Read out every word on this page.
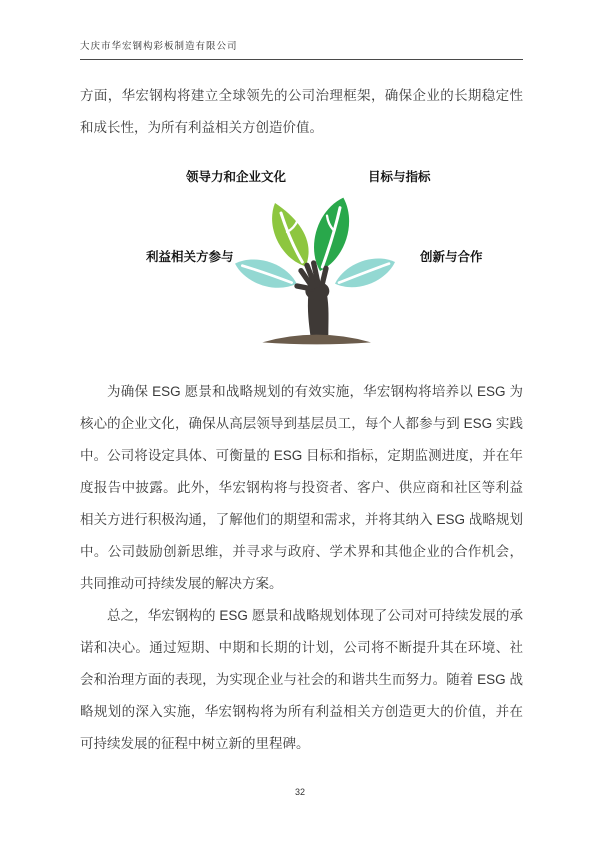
大庆市华宏钢构彩板制造有限公司

方面，华宏钢构将建立全球领先的公司治理框架，确保企业的长期稳定性和成长性，为所有利益相关方创造价值。

领导力和企业文化	目标与指标
利益相关方参与	创新与合作

为确保 ESG 愿景和战略规划的有效实施，华宏钢构将培养以 ESG 为核心的企业文化，确保从高层领导到基层员工，每个人都参与到 ESG 实践中。公司将设定具体、可衡量的 ESG 目标和指标，定期监测进度，并在年度报告中披露。此外，华宏钢构将与投资者、客户、供应商和社区等利益相关方进行积极沟通，了解他们的期望和需求，并将其纳入 ESG 战略规划中。公司鼓励创新思维，并寻求与政府、学术界和其他企业的合作机会，共同推动可持续发展的解决方案。

总之，华宏钢构的 ESG 愿景和战略规划体现了公司对可持续发展的承诺和决心。通过短期、中期和长期的计划，公司将不断提升其在环境、社会和治理方面的表现，为实现企业与社会的和谐共生而努力。随着 ESG 战略规划的深入实施，华宏钢构将为所有利益相关方创造更大的价值，并在可持续发展的征程中树立新的里程碑。

32
